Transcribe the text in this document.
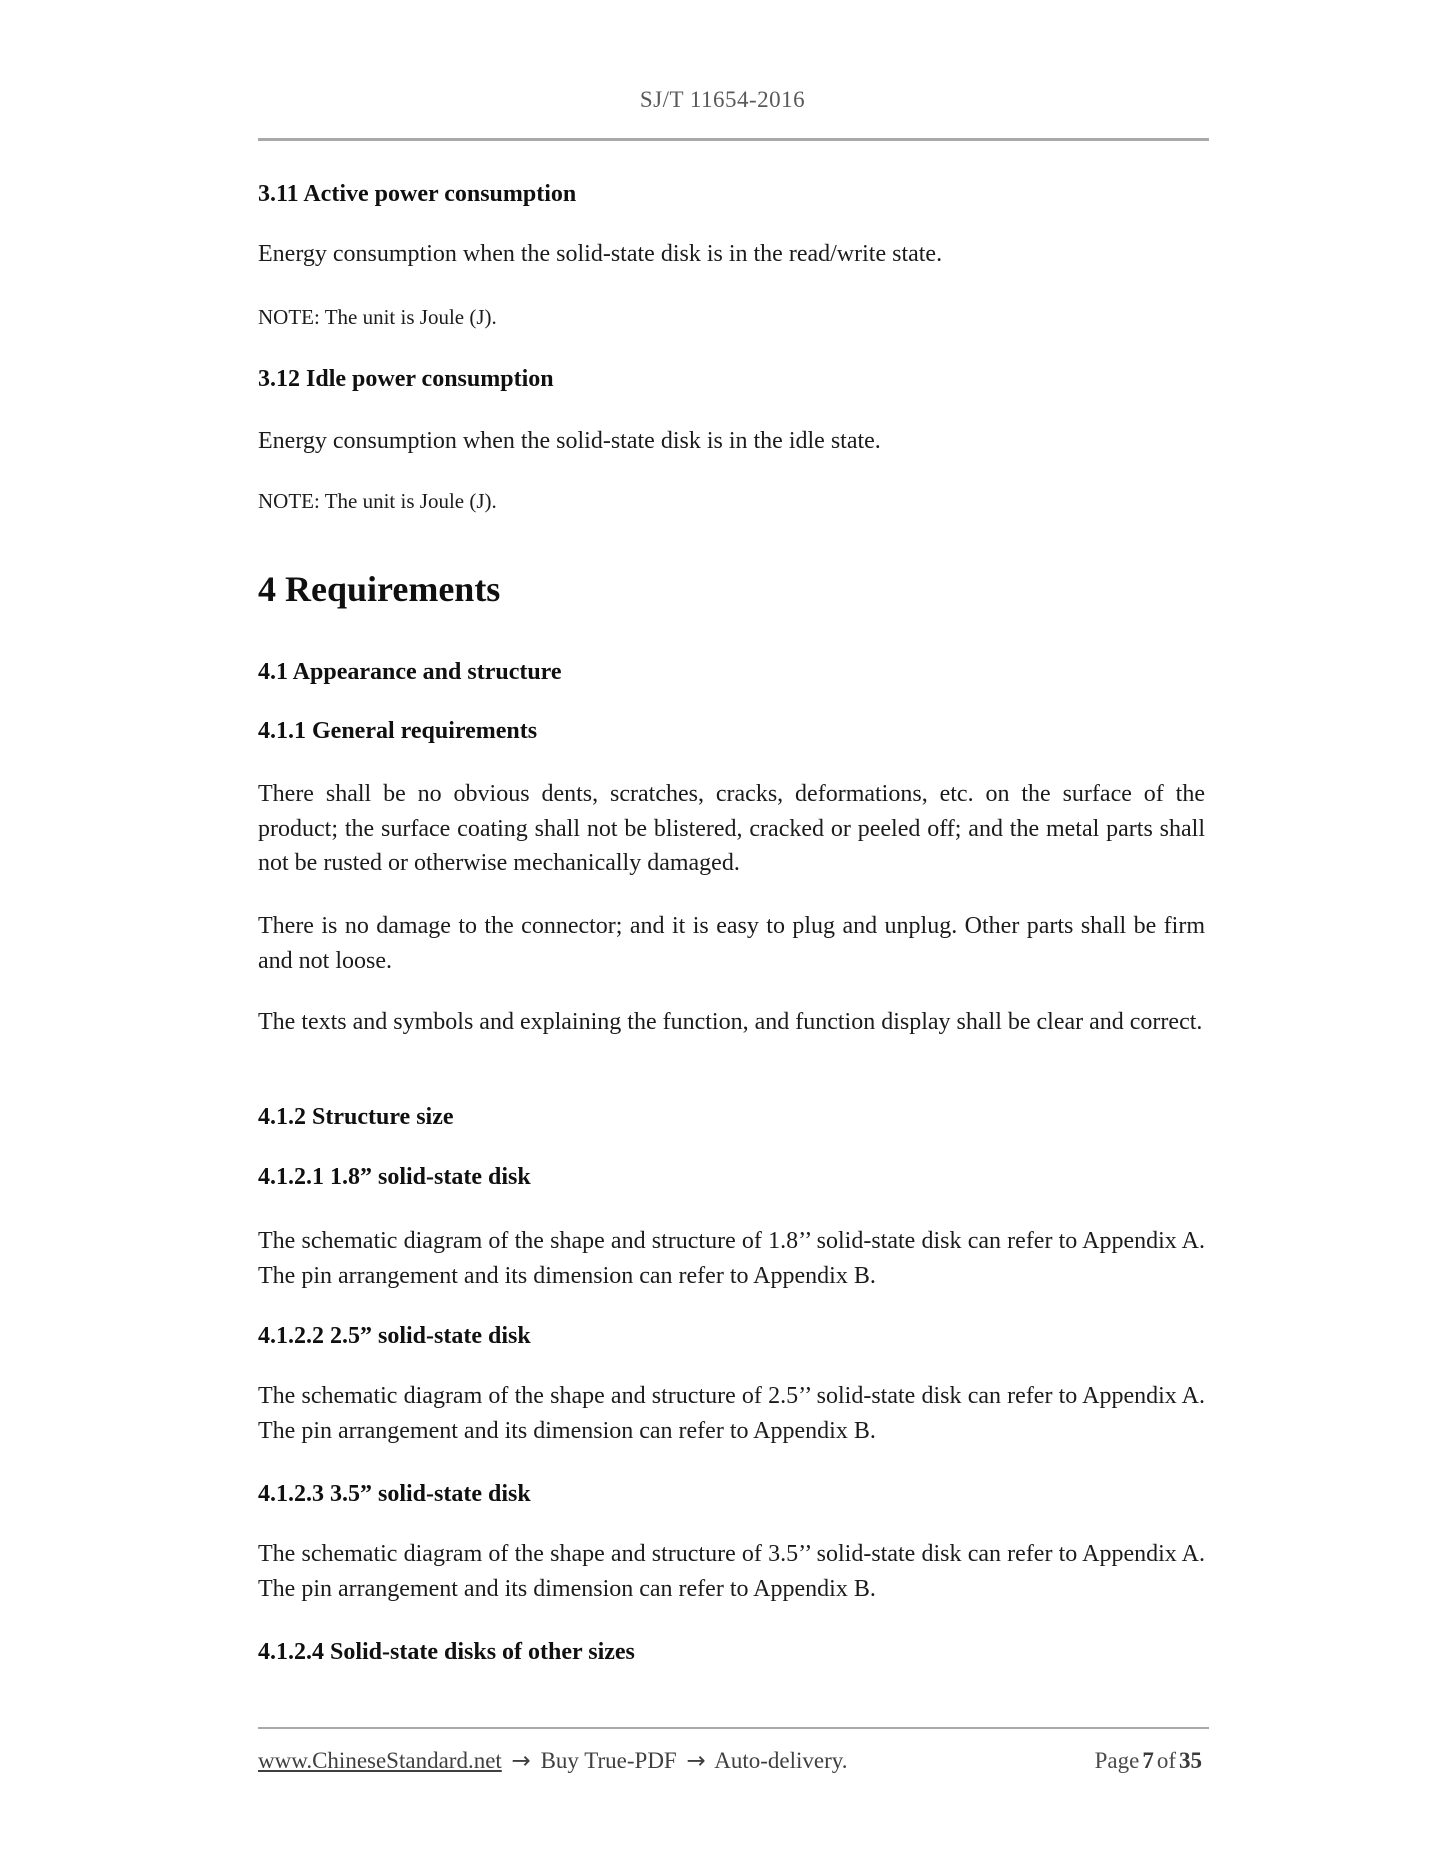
SJ/T 11654-2016
3.11 Active power consumption
Energy consumption when the solid-state disk is in the read/write state.
NOTE: The unit is Joule (J).
3.12 Idle power consumption
Energy consumption when the solid-state disk is in the idle state.
NOTE: The unit is Joule (J).
4 Requirements
4.1 Appearance and structure
4.1.1 General requirements
There shall be no obvious dents, scratches, cracks, deformations, etc. on the surface of the product; the surface coating shall not be blistered, cracked or peeled off; and the metal parts shall not be rusted or otherwise mechanically damaged.
There is no damage to the connector; and it is easy to plug and unplug. Other parts shall be firm and not loose.
The texts and symbols and explaining the function, and function display shall be clear and correct.
4.1.2 Structure size
4.1.2.1 1.8” solid-state disk
The schematic diagram of the shape and structure of 1.8’’ solid-state disk can refer to Appendix A. The pin arrangement and its dimension can refer to Appendix B.
4.1.2.2 2.5” solid-state disk
The schematic diagram of the shape and structure of 2.5’’ solid-state disk can refer to Appendix A. The pin arrangement and its dimension can refer to Appendix B.
4.1.2.3 3.5” solid-state disk
The schematic diagram of the shape and structure of 3.5’’ solid-state disk can refer to Appendix A. The pin arrangement and its dimension can refer to Appendix B.
4.1.2.4 Solid-state disks of other sizes
www.ChineseStandard.net → Buy True-PDF → Auto-delivery.	Page 7 of 35
